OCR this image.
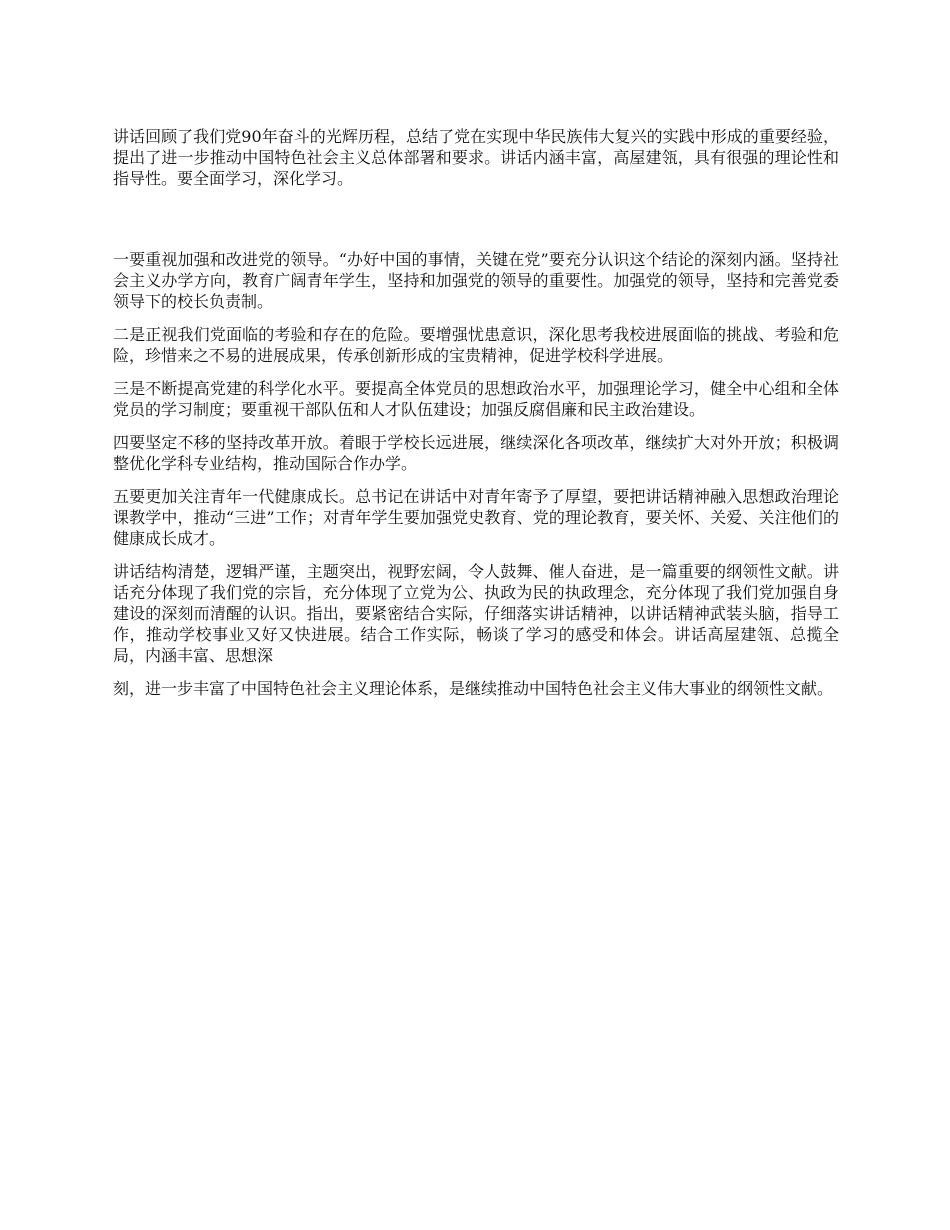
讲话回顾了我们党90年奋斗的光辉历程，总结了党在实现中华民族伟大复兴的实践中形成的重要经验，提出了进一步推动中国特色社会主义总体部署和要求。讲话内涵丰富，高屋建瓴，具有很强的理论性和指导性。要全面学习，深化学习。

一要重视加强和改进党的领导。“办好中国的事情，关键在党”要充分认识这个结论的深刻内涵。坚持社会主义办学方向，教育广阔青年学生，坚持和加强党的领导的重要性。加强党的领导，坚持和完善党委领导下的校长负责制。

二是正视我们党面临的考验和存在的危险。要增强忧患意识，深化思考我校进展面临的挑战、考验和危险，珍惜来之不易的进展成果，传承创新形成的宝贵精神，促进学校科学进展。

三是不断提高党建的科学化水平。要提高全体党员的思想政治水平，加强理论学习，健全中心组和全体党员的学习制度；要重视干部队伍和人才队伍建设；加强反腐倡廉和民主政治建设。

四要坚定不移的坚持改革开放。着眼于学校长远进展，继续深化各项改革，继续扩大对外开放；积极调整优化学科专业结构，推动国际合作办学。

五要更加关注青年一代健康成长。总书记在讲话中对青年寄予了厚望，要把讲话精神融入思想政治理论课教学中，推动“三进”工作；对青年学生要加强党史教育、党的理论教育，要关怀、关爱、关注他们的健康成长成才。

讲话结构清楚，逻辑严谨，主题突出，视野宏阔，令人鼓舞、催人奋进，是一篇重要的纲领性文献。讲话充分体现了我们党的宗旨，充分体现了立党为公、执政为民的执政理念，充分体现了我们党加强自身建设的深刻而清醒的认识。指出，要紧密结合实际，仔细落实讲话精神，以讲话精神武装头脑，指导工作，推动学校事业又好又快进展。结合工作实际，畅谈了学习的感受和体会。讲话高屋建瓴、总揽全局，内涵丰富、思想深

刻，进一步丰富了中国特色社会主义理论体系，是继续推动中国特色社会主义伟大事业的纲领性文献。
